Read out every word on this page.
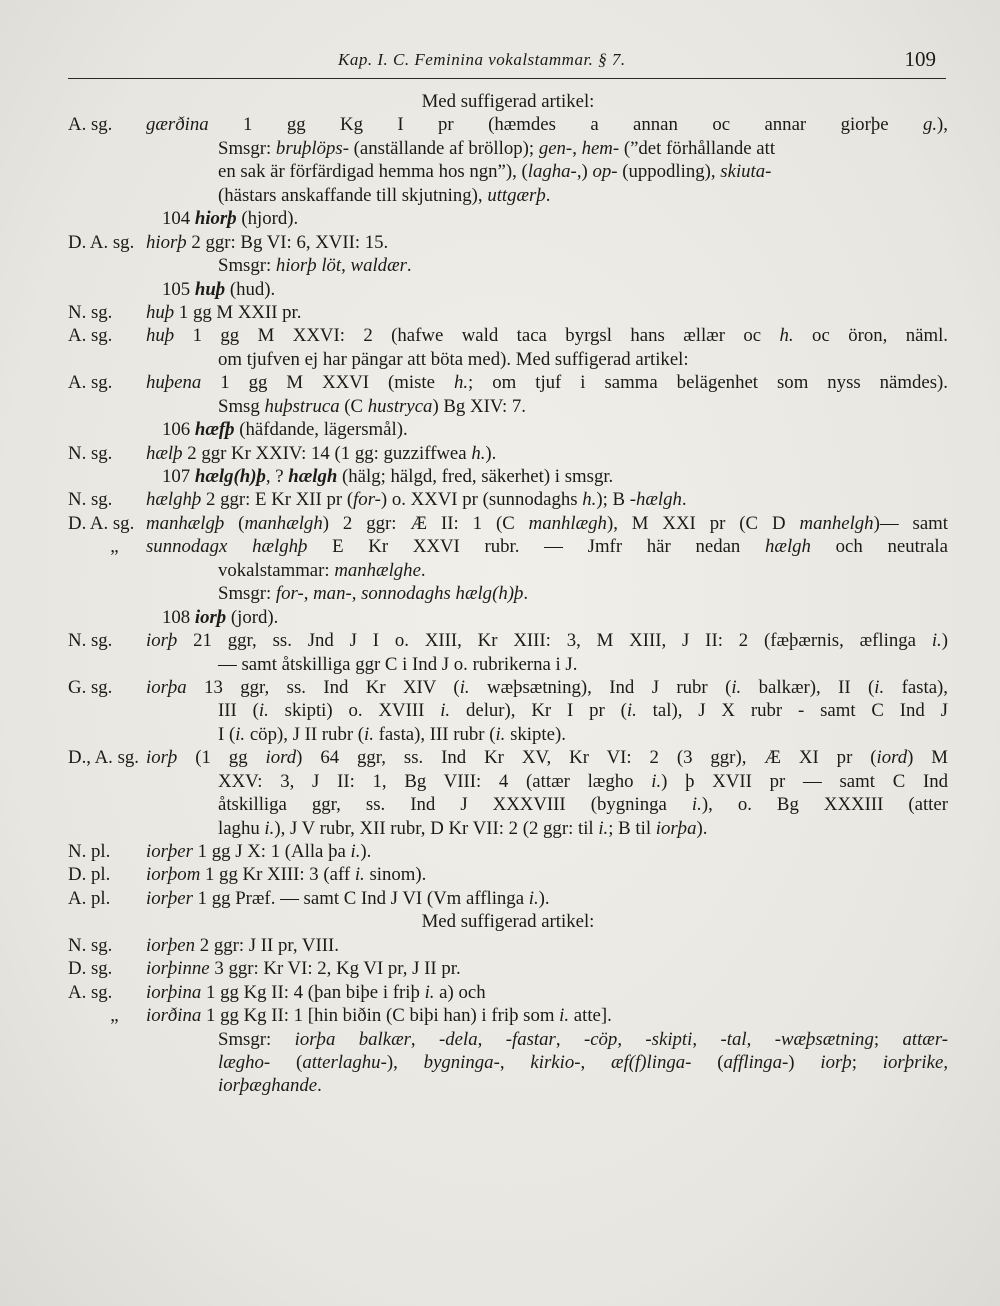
Kap. I. C. Feminina vokalstammar. § 7.	109
Med suffigerad artikel:
A. sg. gærðina 1 gg Kg I pr (hæmdes a annan oc annar giorþe g.),
Smsgr: bruþlöps- (anställande af bröllop); gen-, hem- (”det förhållande att
en sak är förfärdigad hemma hos ngn”), (lagha-,) op- (uppodling), skiuta-
(hästars anskaffande till skjutning), uttgærþ.
104 hiorþ (hjord).
D. A. sg. hiorþ 2 ggr: Bg VI: 6, XVII: 15.
Smsgr: hiorþ löt, waldær.
105 huþ (hud).
N. sg. huþ 1 gg M XXII pr.
A. sg. huþ 1 gg M XXVI: 2 (hafwe wald taca byrgsl hans ællær oc h. oc öron, näml.
om tjufven ej har pängar att böta med). Med suffigerad artikel:
A. sg. huþena 1 gg M XXVI (miste h.; om tjuf i samma belägenhet som nyss nämdes).
Smsg huþstruca (C hustryca) Bg XIV: 7.
106 hæfþ (häfdande, lägersmål).
N. sg. hælþ 2 ggr Kr XXIV: 14 (1 gg: guzziffwea h.).
107 hælg(h)þ, ? hælgh (hälg; hälgd, fred, säkerhet) i smsgr.
N. sg. hælghþ 2 ggr: E Kr XII pr (for-) o. XXVI pr (sunnodaghs h.); B -hælgh.
D. A. sg. manhælgþ (manhælgh) 2 ggr: Æ II: 1 (C manhlægh), M XXI pr (C D manhelgh)— samt
„ sunnodagx hælghþ E Kr XXVI rubr. — Jmfr här nedan hælgh och neutrala
vokalstammar: manhælghe.
Smsgr: for-, man-, sonnodaghs hælg(h)þ.
108 iorþ (jord).
N. sg. iorþ 21 ggr, ss. Jnd J I o. XIII, Kr XIII: 3, M XIII, J II: 2 (fæþærnis, æflinga i.)
— samt åtskilliga ggr C i Ind J o. rubrikerna i J.
G. sg. iorþa 13 ggr, ss. Ind Kr XIV (i. wæþsætning), Ind J rubr (i. balkær), II (i. fasta),
III (i. skipti) o. XVIII i. delur), Kr I pr (i. tal), J X rubr - samt C Ind J
I (i. cöp), J II rubr (i. fasta), III rubr (i. skipte).
D., A. sg. iorþ (1 gg iord) 64 ggr, ss. Ind Kr XV, Kr VI: 2 (3 ggr), Æ XI pr (iord) M
XXV: 3, J II: 1, Bg VIII: 4 (attær lægho i.) þ XVII pr — samt C Ind
åtskilliga ggr, ss. Ind J XXXVIII (bygninga i.), o. Bg XXXIII (atter
laghu i.), J V rubr, XII rubr, D Kr VII: 2 (2 ggr: til i.; B til iorþa).
N. pl. iorþer 1 gg J X: 1 (Alla þa i.).
D. pl. iorþom 1 gg Kr XIII: 3 (aff i. sinom).
A. pl. iorþer 1 gg Præf. — samt C Ind J VI (Vm afflinga i.).
Med suffigerad artikel:
N. sg. iorþen 2 ggr: J II pr, VIII.
D. sg. iorþinne 3 ggr: Kr VI: 2, Kg VI pr, J II pr.
A. sg. iorþina 1 gg Kg II: 4 (þan biþe i friþ i. a) och
„ iorðina 1 gg Kg II: 1 [hin biðin (C biþi han) i friþ som i. atte].
Smsgr: iorþa balkær, -dela, -fastar, -cöp, -skipti, -tal, -wæþsætning; attær-
lægho- (atterlaghu-), bygninga-, kirkio-, æf(f)linga- (afflinga-) iorþ; iorþrike,
iorþæghande.
